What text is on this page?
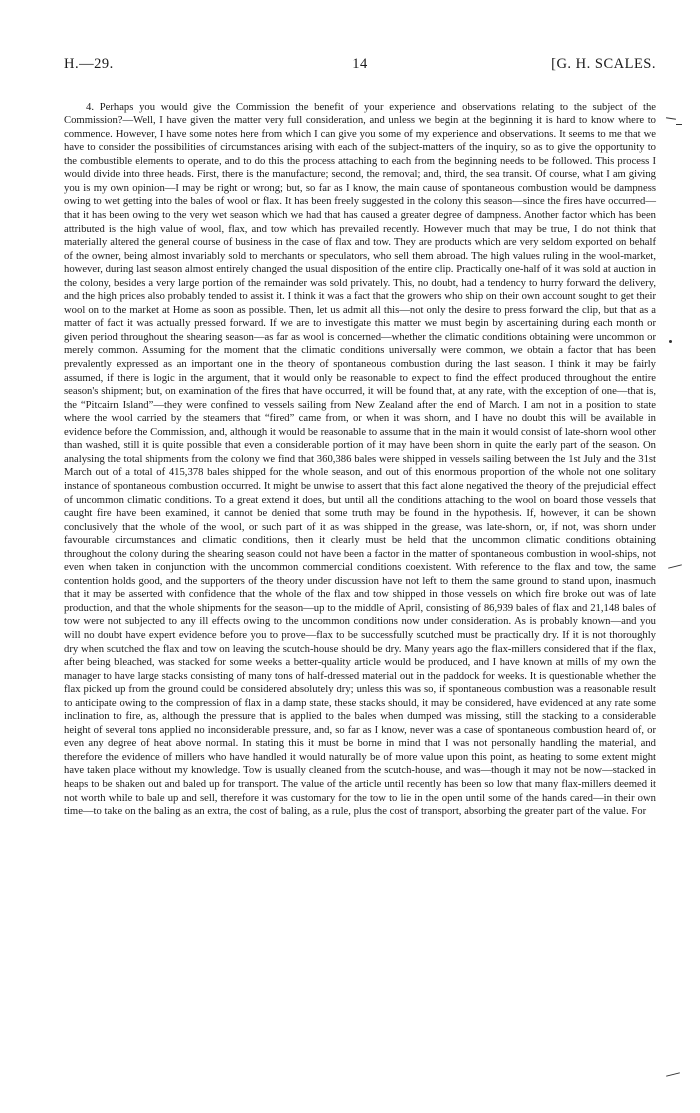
H.—29.	14	[G. H. SCALES.

4. Perhaps you would give the Commission the benefit of your experience and observations relating to the subject of the Commission?—Well, I have given the matter very full consideration, and unless we begin at the beginning it is hard to know where to commence. However, I have some notes here from which I can give you some of my experience and observations. It seems to me that we have to consider the possibilities of circumstances arising with each of the subject-matters of the inquiry, so as to give the opportunity to the combustible elements to operate, and to do this the process attaching to each from the beginning needs to be followed. This process I would divide into three heads. First, there is the manufacture; second, the removal; and, third, the sea transit. Of course, what I am giving you is my own opinion—I may be right or wrong; but, so far as I know, the main cause of spontaneous combustion would be dampness owing to wet getting into the bales of wool or flax. It has been freely suggested in the colony this season—since the fires have occurred—that it has been owing to the very wet season which we had that has caused a greater degree of dampness. Another factor which has been attributed is the high value of wool, flax, and tow which has prevailed recently. However much that may be true, I do not think that materially altered the general course of business in the case of flax and tow. They are products which are very seldom exported on behalf of the owner, being almost invariably sold to merchants or speculators, who sell them abroad. The high values ruling in the wool-market, however, during last season almost entirely changed the usual disposition of the entire clip. Practically one-half of it was sold at auction in the colony, besides a very large portion of the remainder was sold privately. This, no doubt, had a tendency to hurry forward the delivery, and the high prices also probably tended to assist it. I think it was a fact that the growers who ship on their own account sought to get their wool on to the market at Home as soon as possible. Then, let us admit all this—not only the desire to press forward the clip, but that as a matter of fact it was actually pressed forward. If we are to investigate this matter we must begin by ascertaining during each month or given period throughout the shearing season—as far as wool is concerned—whether the climatic conditions obtaining were uncommon or merely common. Assuming for the moment that the climatic conditions universally were common, we obtain a factor that has been prevalently expressed as an important one in the theory of spontaneous combustion during the last season. I think it may be fairly assumed, if there is logic in the argument, that it would only be reasonable to expect to find the effect produced throughout the entire season's shipment; but, on examination of the fires that have occurred, it will be found that, at any rate, with the exception of one—that is, the “Pitcairn Island”—they were confined to vessels sailing from New Zealand after the end of March. I am not in a position to state where the wool carried by the steamers that “fired” came from, or when it was shorn, and I have no doubt this will be available in evidence before the Commission, and, although it would be reasonable to assume that in the main it would consist of late-shorn wool other than washed, still it is quite possible that even a considerable portion of it may have been shorn in quite the early part of the season. On analysing the total shipments from the colony we find that 360,386 bales were shipped in vessels sailing between the 1st July and the 31st March out of a total of 415,378 bales shipped for the whole season, and out of this enormous proportion of the whole not one solitary instance of spontaneous combustion occurred. It might be unwise to assert that this fact alone negatived the theory of the prejudicial effect of uncommon climatic conditions. To a great extend it does, but until all the conditions attaching to the wool on board those vessels that caught fire have been examined, it cannot be denied that some truth may be found in the hypothesis. If, however, it can be shown conclusively that the whole of the wool, or such part of it as was shipped in the grease, was late-shorn, or, if not, was shorn under favourable circumstances and climatic conditions, then it clearly must be held that the uncommon climatic conditions obtaining throughout the colony during the shearing season could not have been a factor in the matter of spontaneous combustion in wool-ships, not even when taken in conjunction with the uncommon commercial conditions coexistent. With reference to the flax and tow, the same contention holds good, and the supporters of the theory under discussion have not left to them the same ground to stand upon, inasmuch that it may be asserted with confidence that the whole of the flax and tow shipped in those vessels on which fire broke out was of late production, and that the whole shipments for the season—up to the middle of April, consisting of 86,939 bales of flax and 21,148 bales of tow were not subjected to any ill effects owing to the uncommon conditions now under consideration. As is probably known—and you will no doubt have expert evidence before you to prove—flax to be successfully scutched must be practically dry. If it is not thoroughly dry when scutched the flax and tow on leaving the scutch-house should be dry. Many years ago the flax-millers considered that if the flax, after being bleached, was stacked for some weeks a better-quality article would be produced, and I have known at mills of my own the manager to have large stacks consisting of many tons of half-dressed material out in the paddock for weeks. It is questionable whether the flax picked up from the ground could be considered absolutely dry; unless this was so, if spontaneous combustion was a reasonable result to anticipate owing to the compression of flax in a damp state, these stacks should, it may be considered, have evidenced at any rate some inclination to fire, as, although the pressure that is applied to the bales when dumped was missing, still the stacking to a considerable height of several tons applied no inconsiderable pressure, and, so far as I know, never was a case of spontaneous combustion heard of, or even any degree of heat above normal. In stating this it must be borne in mind that I was not personally handling the material, and therefore the evidence of millers who have handled it would naturally be of more value upon this point, as heating to some extent might have taken place without my knowledge. Tow is usually cleaned from the scutch-house, and was—though it may not be now—stacked in heaps to be shaken out and baled up for transport. The value of the article until recently has been so low that many flax-millers deemed it not worth while to bale up and sell, therefore it was customary for the tow to lie in the open until some of the hands cared—in their own time—to take on the baling as an extra, the cost of baling, as a rule, plus the cost of transport, absorbing the greater part of the value. For
